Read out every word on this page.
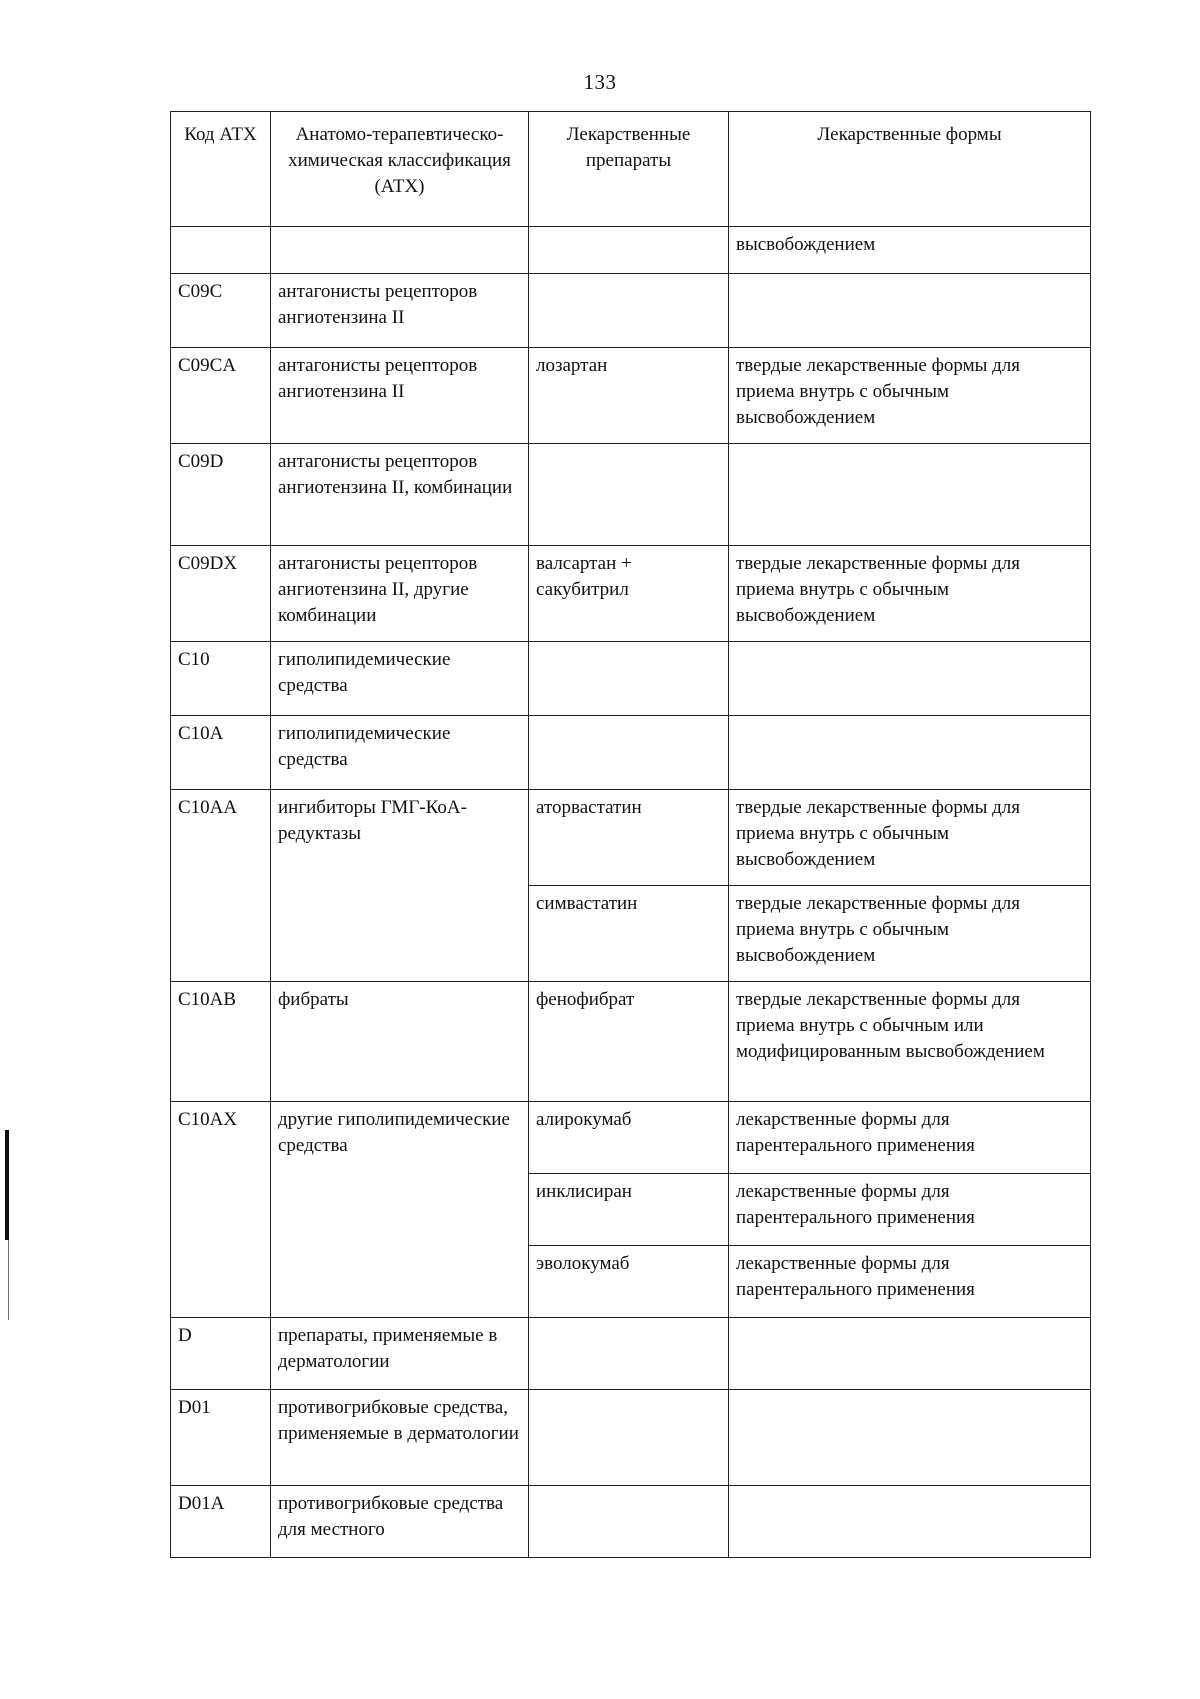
133
Код АТХ	Анатомо-терапевтическо-химическая классификация (АТХ)	Лекарственные препараты	Лекарственные формы
			высвобождением
C09C	антагонисты рецепторов ангиотензина II		
C09CA	антагонисты рецепторов ангиотензина II	лозартан	твердые лекарственные формы для приема внутрь с обычным высвобождением
C09D	антагонисты рецепторов ангиотензина II, комбинации		
C09DX	антагонисты рецепторов ангиотензина II, другие комбинации	валсартан + сакубитрил	твердые лекарственные формы для приема внутрь с обычным высвобождением
C10	гиполипидемические средства		
C10A	гиполипидемические средства		
C10AA	ингибиторы ГМГ-КоА-редуктазы	аторвастатин	твердые лекарственные формы для приема внутрь с обычным высвобождением
		симвастатин	твердые лекарственные формы для приема внутрь с обычным высвобождением
C10AB	фибраты	фенофибрат	твердые лекарственные формы для приема внутрь с обычным или модифицированным высвобождением
C10AX	другие гиполипидемические средства	алирокумаб	лекарственные формы для парентерального применения
		инклисиран	лекарственные формы для парентерального применения
		эволокумаб	лекарственные формы для парентерального применения
D	препараты, применяемые в дерматологии		
D01	противогрибковые средства, применяемые в дерматологии		
D01A	противогрибковые средства для местного		
